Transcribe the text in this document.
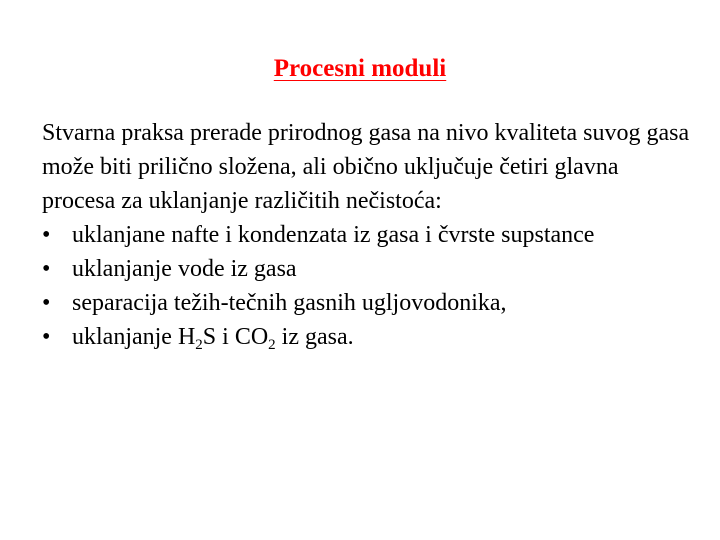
Procesni moduli

Stvarna praksa prerade prirodnog gasa na nivo kvaliteta suvog gasa može biti prilično složena, ali obično uključuje četiri glavna procesa za uklanjanje različitih nečistoća:

• uklanjane nafte i kondenzata iz gasa i čvrste supstance
• uklanjanje vode iz gasa
• separacija težih-tečnih gasnih ugljovodonika,
• uklanjanje $H_2S$ i $CO_2$ iz gasa.
